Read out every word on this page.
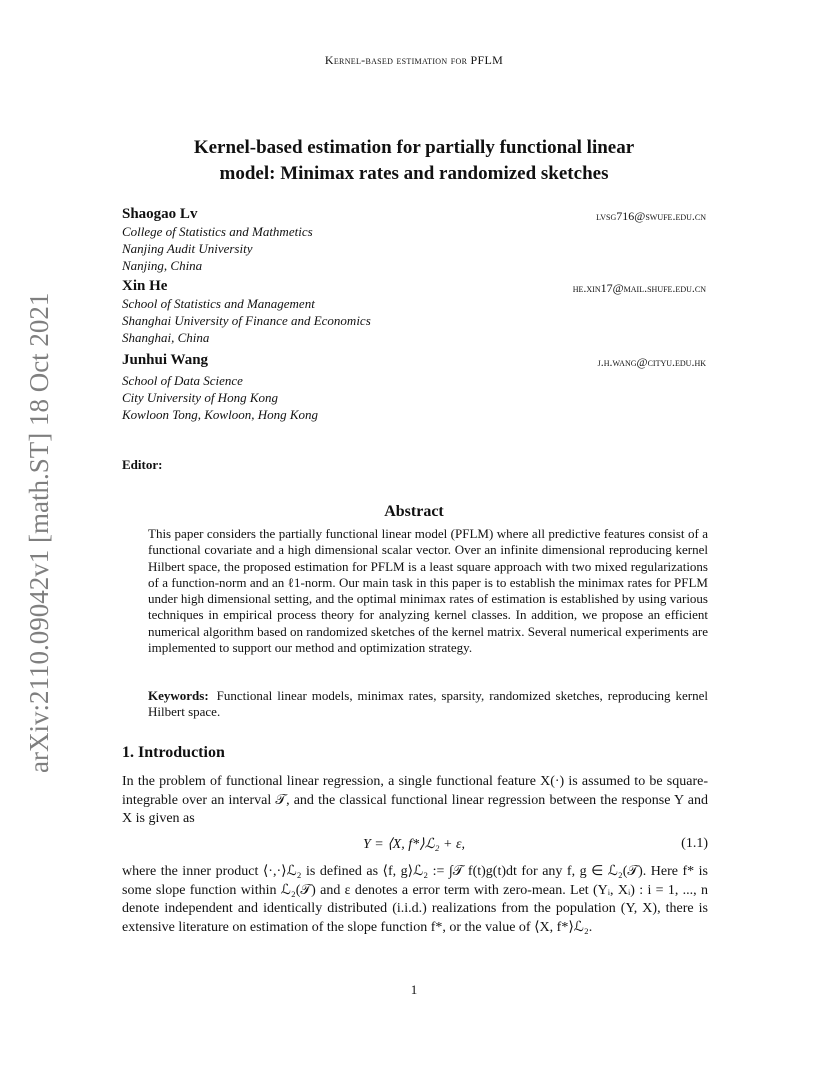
arXiv:2110.09042v1 [math.ST] 18 Oct 2021
Kernel-based estimation for PFLM
Kernel-based estimation for partially functional linear
model: Minimax rates and randomized sketches
Shaogao Lv	lvsg716@swufe.edu.cn
College of Statistics and Mathmetics
Nanjing Audit University
Nanjing, China
Xin He	he.xin17@mail.shufe.edu.cn
School of Statistics and Management
Shanghai University of Finance and Economics
Shanghai, China
Junhui Wang	j.h.wang@cityu.edu.hk
School of Data Science
City University of Hong Kong
Kowloon Tong, Kowloon, Hong Kong
Editor:
Abstract
This paper considers the partially functional linear model (PFLM) where all predictive features consist of a functional covariate and a high dimensional scalar vector. Over an infinite dimensional reproducing kernel Hilbert space, the proposed estimation for PFLM is a least square approach with two mixed regularizations of a function-norm and an ℓ1-norm. Our main task in this paper is to establish the minimax rates for PFLM under high dimensional setting, and the optimal minimax rates of estimation is established by using various techniques in empirical process theory for analyzing kernel classes. In addition, we propose an efficient numerical algorithm based on randomized sketches of the kernel matrix. Several numerical experiments are implemented to support our method and optimization strategy.
Keywords: Functional linear models, minimax rates, sparsity, randomized sketches, reproducing kernel Hilbert space.
1. Introduction
In the problem of functional linear regression, a single functional feature X(·) is assumed to be square-integrable over an interval 𝒯, and the classical functional linear regression between the response Y and X is given as
Y = ⟨X, f*⟩ℒ₂ + ε,	(1.1)
where the inner product ⟨·,·⟩ℒ₂ is defined as ⟨f, g⟩ℒ₂ := ∫𝒯 f(t)g(t)dt for any f, g ∈ ℒ₂(𝒯). Here f* is some slope function within ℒ₂(𝒯) and ε denotes a error term with zero-mean. Let (Yᵢ, Xᵢ) : i = 1, ..., n denote independent and identically distributed (i.i.d.) realizations from the population (Y, X), there is extensive literature on estimation of the slope function f*, or the value of ⟨X, f*⟩ℒ₂.
1
